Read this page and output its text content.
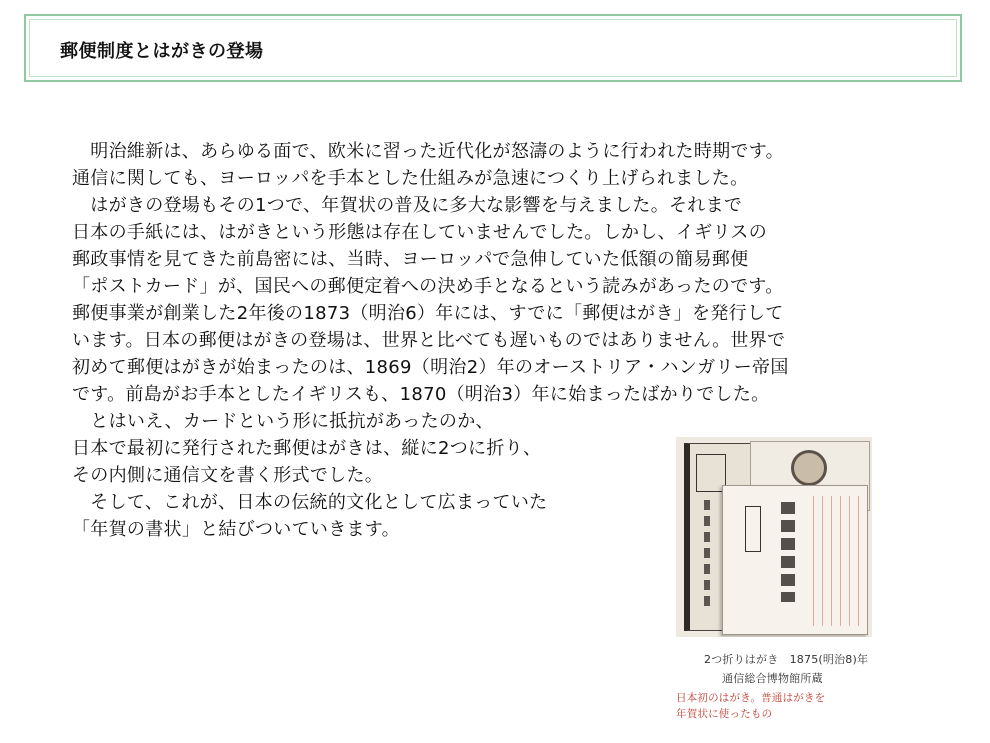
郵便制度とはがきの登場
　明治維新は、あらゆる面で、欧米に習った近代化が怒濤のように行われた時期です。
通信に関しても、ヨーロッパを手本とした仕組みが急速につくり上げられました。
　はがきの登場もその1つで、年賀状の普及に多大な影響を与えました。それまで
日本の手紙には、はがきという形態は存在していませんでした。しかし、イギリスの
郵政事情を見てきた前島密には、当時、ヨーロッパで急伸していた低額の簡易郵便
「ポストカード」が、国民への郵便定着への決め手となるという読みがあったのです。
郵便事業が創業した2年後の1873（明治6）年には、すでに「郵便はがき」を発行して
います。日本の郵便はがきの登場は、世界と比べても遅いものではありません。世界で
初めて郵便はがきが始まったのは、1869（明治2）年のオーストリア・ハンガリー帝国
です。前島がお手本としたイギリスも、1870（明治3）年に始まったばかりでした。
　とはいえ、カードという形に抵抗があったのか、
日本で最初に発行された郵便はがきは、縦に2つに折り、
その内側に通信文を書く形式でした。
　そして、これが、日本の伝統的文化として広まっていた
「年賀の書状」と結びついていきます。
2つ折りはがき　1875(明治8)年
通信総合博物館所蔵
日本初のはがき。普通はがきを
年賀状に使ったもの
